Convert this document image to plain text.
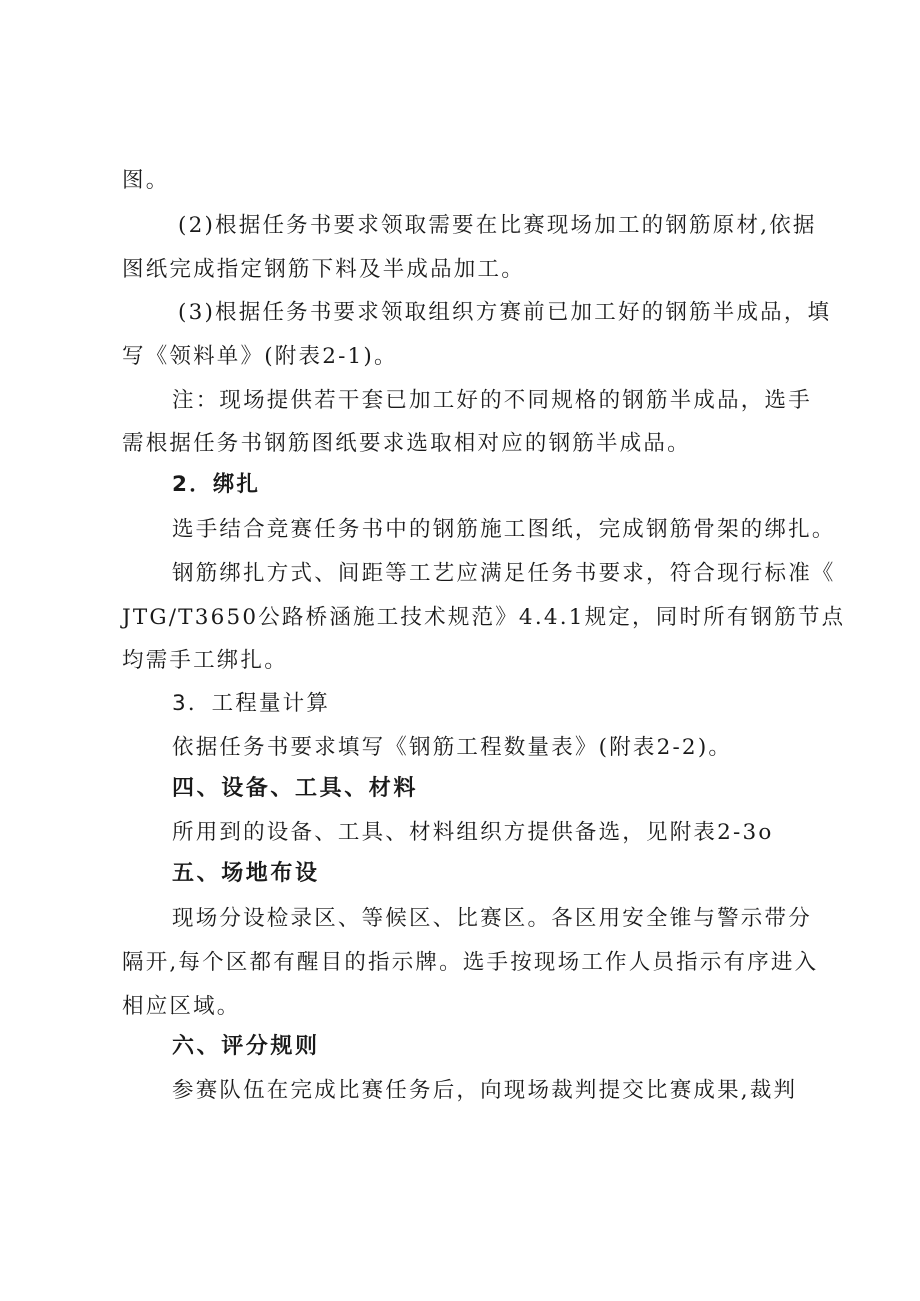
图。
(2)根据任务书要求领取需要在比赛现场加工的钢筋原材,依据
图纸完成指定钢筋下料及半成品加工。
(3)根据任务书要求领取组织方赛前已加工好的钢筋半成品，填
写《领料单》(附表2-1)。
注：现场提供若干套已加工好的不同规格的钢筋半成品，选手
需根据任务书钢筋图纸要求选取相对应的钢筋半成品。
2．绑扎
选手结合竞赛任务书中的钢筋施工图纸，完成钢筋骨架的绑扎。
钢筋绑扎方式、间距等工艺应满足任务书要求，符合现行标准《
JTG/T3650公路桥涵施工技术规范》4.4.1规定，同时所有钢筋节点
均需手工绑扎。
3．工程量计算
依据任务书要求填写《钢筋工程数量表》(附表2-2)。
四、设备、工具、材料
所用到的设备、工具、材料组织方提供备选，见附表2-3o
五、场地布设
现场分设检录区、等候区、比赛区。各区用安全锥与警示带分
隔开,每个区都有醒目的指示牌。选手按现场工作人员指示有序进入
相应区域。
六、评分规则
参赛队伍在完成比赛任务后，向现场裁判提交比赛成果,裁判
